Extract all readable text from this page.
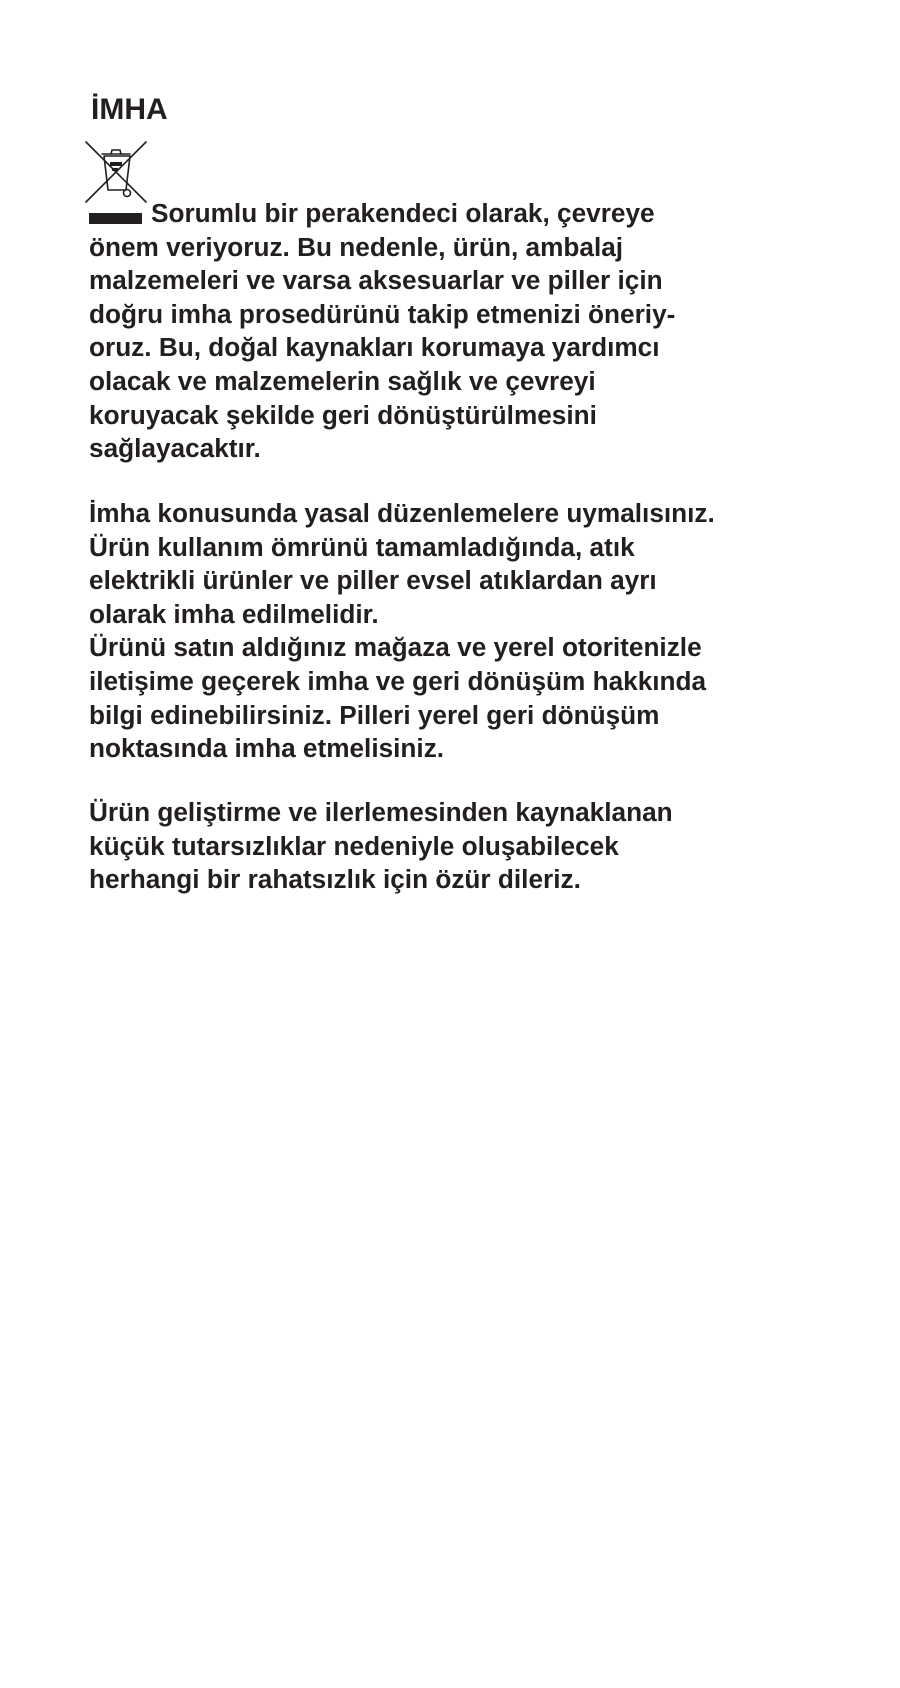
İMHA

Sorumlu bir perakendeci olarak, çevreye
önem veriyoruz. Bu nedenle, ürün, ambalaj
malzemeleri ve varsa aksesuarlar ve piller için
doğru imha prosedürünü takip etmenizi öneriy-
oruz. Bu, doğal kaynakları korumaya yardımcı
olacak ve malzemelerin sağlık ve çevreyi
koruyacak şekilde geri dönüştürülmesini
sağlayacaktır.

İmha konusunda yasal düzenlemelere uymalısınız.
Ürün kullanım ömrünü tamamladığında, atık
elektrikli ürünler ve piller evsel atıklardan ayrı
olarak imha edilmelidir.
Ürünü satın aldığınız mağaza ve yerel otoritenizle
iletişime geçerek imha ve geri dönüşüm hakkında
bilgi edinebilirsiniz. Pilleri yerel geri dönüşüm
noktasında imha etmelisiniz.

Ürün geliştirme ve ilerlemesinden kaynaklanan
küçük tutarsızlıklar nedeniyle oluşabilecek
herhangi bir rahatsızlık için özür dileriz.
